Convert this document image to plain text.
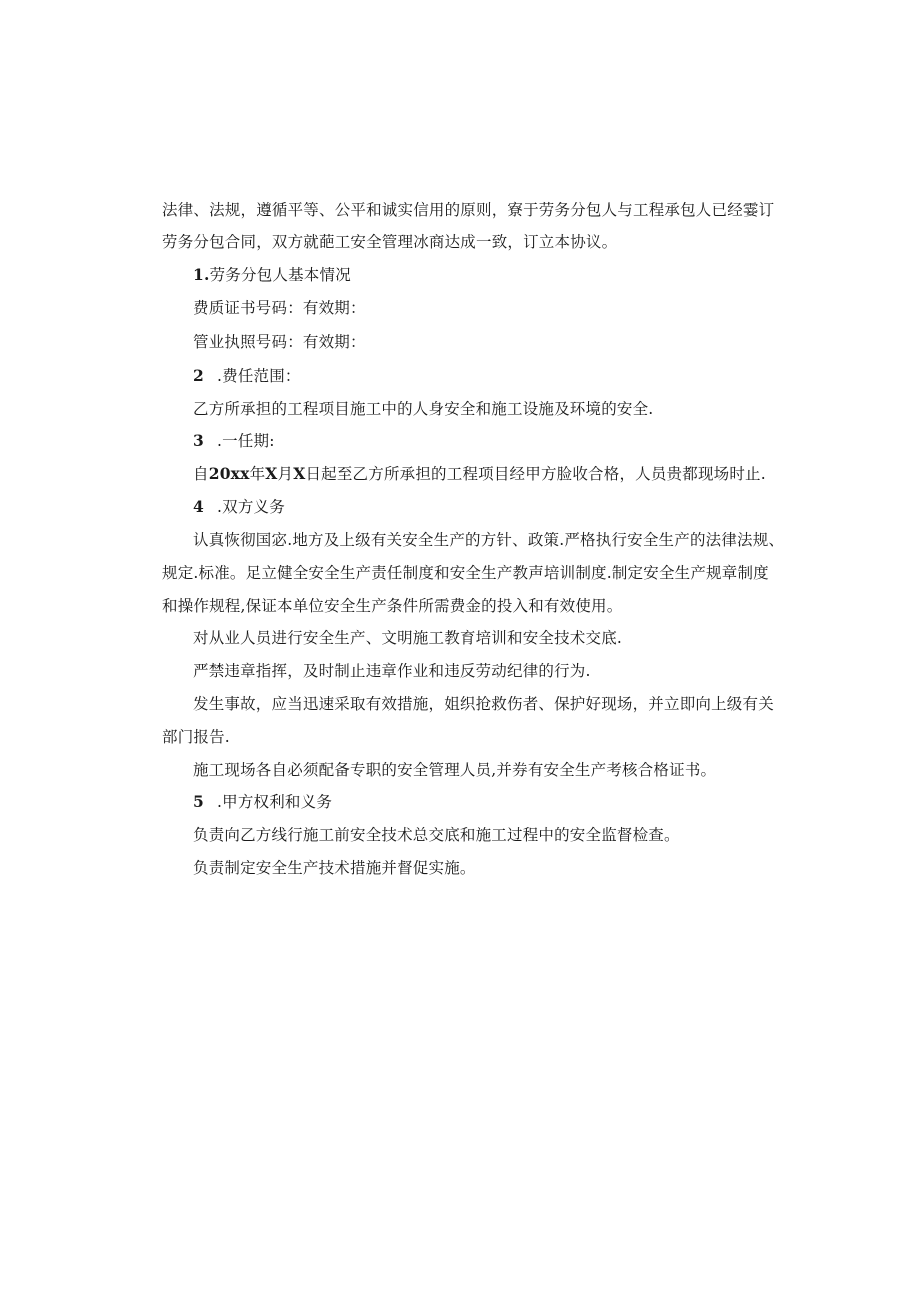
法律、法规，遵循平等、公平和诚实信用的原则，寮于劳务分包人与工程承包人已经霎订
劳务分包合同，双方就葩工安全管理冰商达成一致，订立本协议。
1.劳务分包人基本情况
费质证书号码：有效期：
管业执照号码：有效期：
2 .费任范围：
乙方所承担的工程项目施工中的人身安全和施工设施及环境的安全.
3 .一任期:
自20xx年X月X日起至乙方所承担的工程项目经甲方脸收合格，人员贵都现场时止.
4 .双方义务
认真恢彻国宓.地方及上级有关安全生产的方针、政策.严格执行安全生产的法律法规、
规定.标准。足立健全安全生产责任制度和安全生产教声培训制度.制定安全生产规章制度
和操作规程,保证本单位安全生产条件所需费金的投入和有效使用。
对从业人员进行安全生产、文明施工教育培训和安全技术交底.
严禁违章指挥，及时制止违章作业和违反劳动纪律的行为.
发生事故，应当迅速采取有效措施，姐织抢救伤者、保护好现场，并立即向上级有关
部门报告.
施工现场各自必须配备专职的安全管理人员,并券有安全生产考核合格证书。
5 .甲方权利和义务
负责向乙方线行施工前安全技术总交底和施工过程中的安全监督检查。
负责制定安全生产技术措施并督促实施。
